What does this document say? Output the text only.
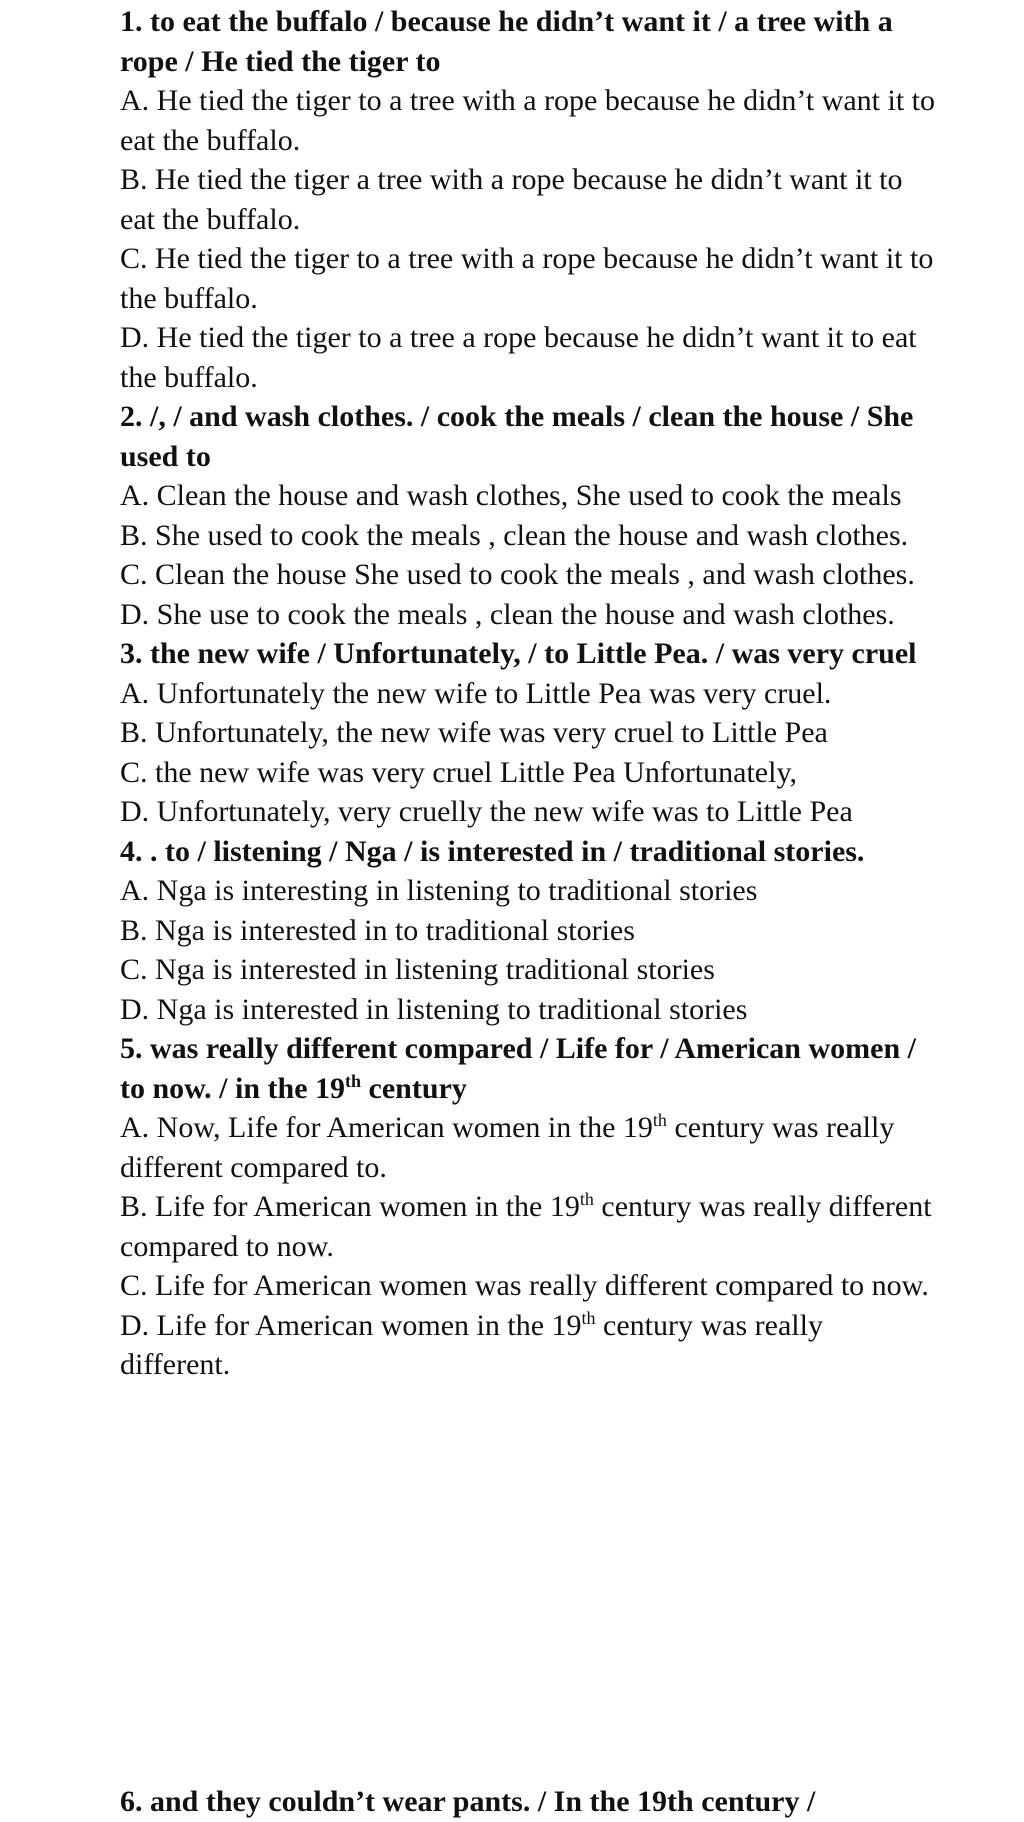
1. to eat the buffalo / because he didn’t want it / a tree with a rope / He tied the tiger to

A. He tied the tiger to a tree with a rope because he didn’t want it to eat the buffalo.

B. He tied the tiger a tree with a rope because he didn’t want it to eat the buffalo.

C. He tied the tiger to a tree with a rope because he didn’t want it to the buffalo.

D. He tied the tiger to a tree a rope because he didn’t want it to eat the buffalo.

2. /, / and wash clothes. / cook the meals / clean the house / She used to

A. Clean the house and wash clothes, She used to cook the meals

B. She used to cook the meals , clean the house and wash clothes.

C. Clean the house She used to cook the meals , and wash clothes.

D. She use to cook the meals , clean the house and wash clothes.

3. the new wife / Unfortunately, / to Little Pea. / was very cruel

A. Unfortunately the new wife to Little Pea was very cruel.

B. Unfortunately, the new wife was very cruel to Little Pea

C. the new wife was very cruel Little Pea Unfortunately,

D. Unfortunately, very cruelly the new wife was to Little Pea

4. . to / listening / Nga / is interested in / traditional stories.

A. Nga is interesting in listening to traditional stories

B. Nga is interested in to traditional stories

C. Nga is interested in listening traditional stories

D. Nga is interested in listening to traditional stories

5. was really different compared / Life for / American women / to now. / in the 19th century

A. Now, Life for American women in the 19th century was really different compared to.

B. Life for American women in the 19th century was really different compared to now.

C. Life for American women was really different compared to now.

D. Life for American women in the 19th century was really different.

6. and they couldn’t wear pants. / In the 19th century /
